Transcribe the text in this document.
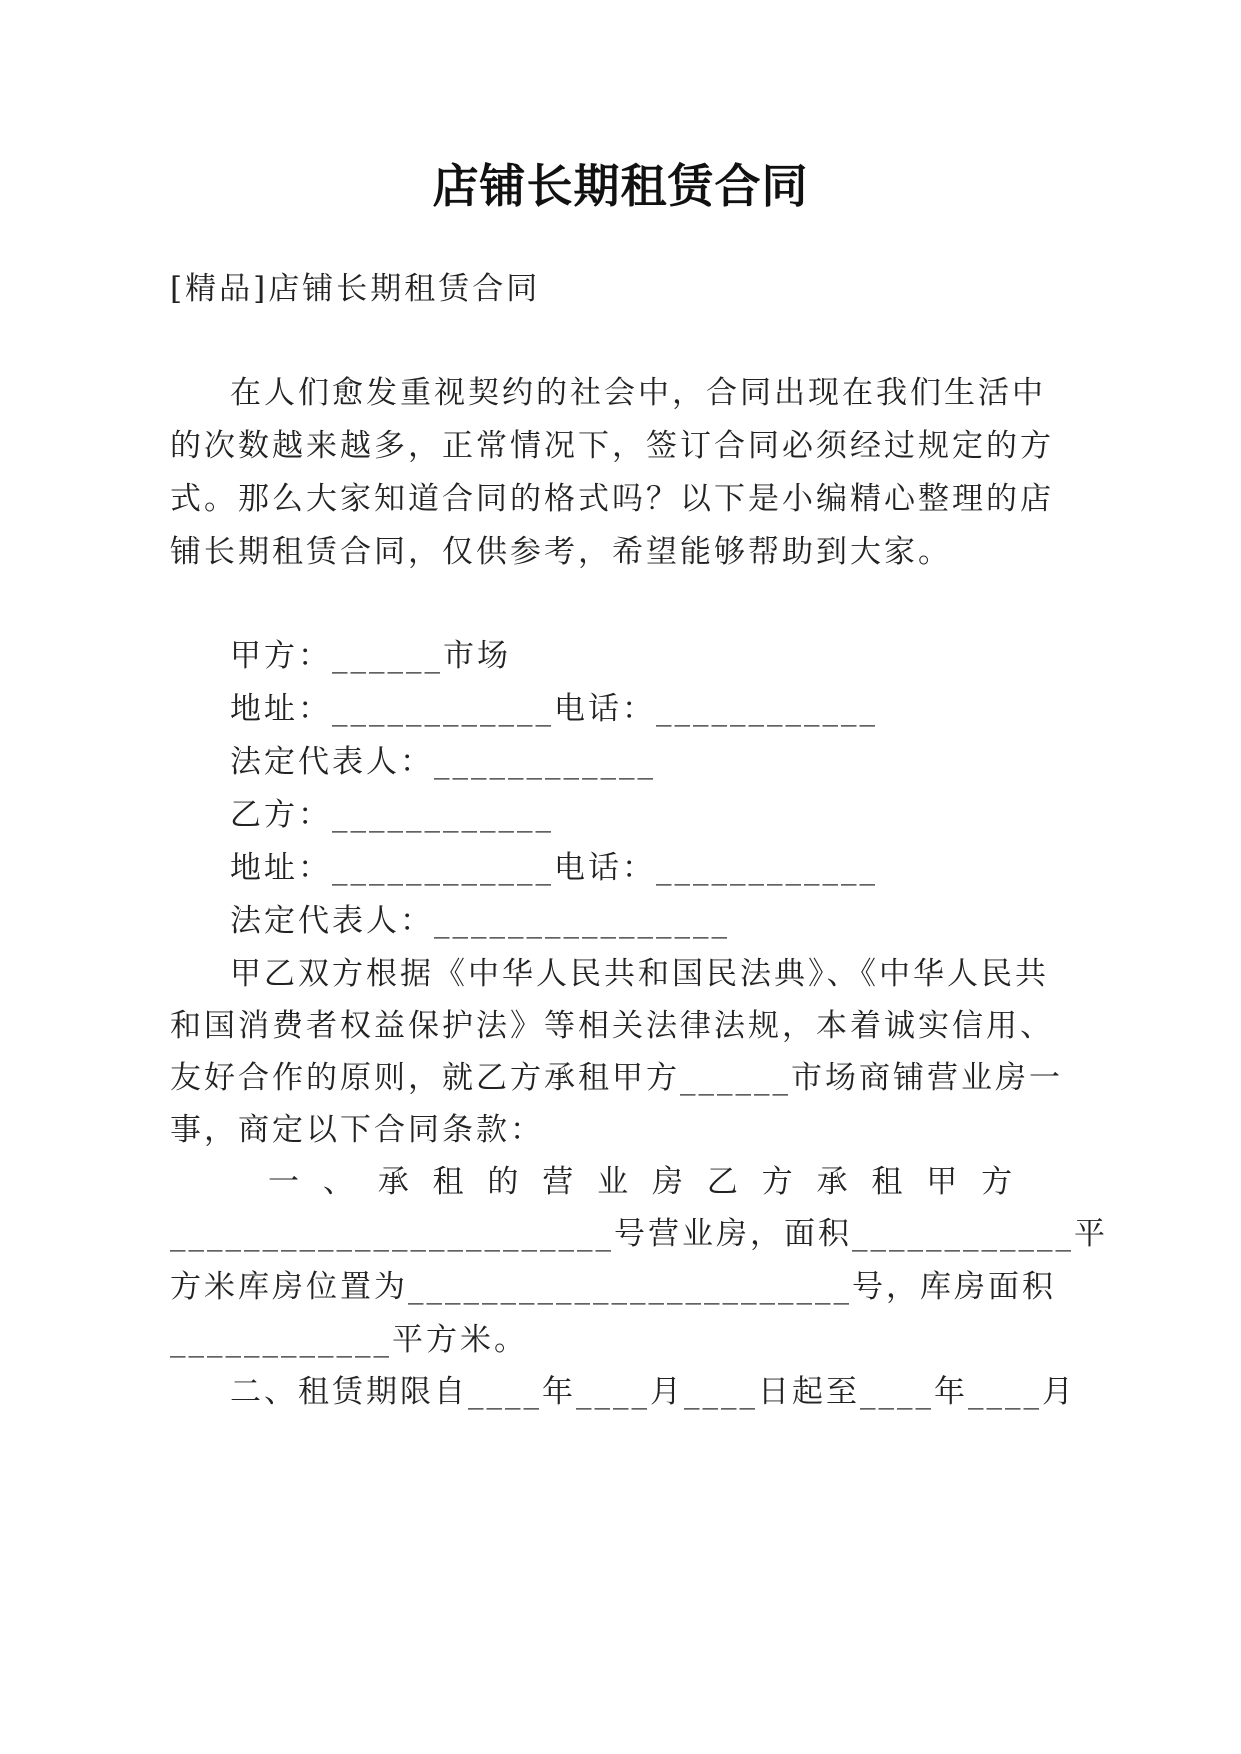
店铺长期租赁合同
[精品]店铺长期租赁合同
在人们愈发重视契约的社会中，合同出现在我们生活中
的次数越来越多，正常情况下，签订合同必须经过规定的方
式。那么大家知道合同的格式吗？以下是小编精心整理的店
铺长期租赁合同，仅供参考，希望能够帮助到大家。
甲方：______市场
地址：____________电话：____________
法定代表人：____________
乙方：____________
地址：____________电话：____________
法定代表人：________________
甲乙双方根据《中华人民共和国民法典》、《中华人民共
和国消费者权益保护法》等相关法律法规，本着诚实信用、
友好合作的原则，就乙方承租甲方______市场商铺营业房一
事，商定以下合同条款：
一 、 承 租 的 营 业 房 乙 方 承 租 甲 方
________________________号营业房，面积____________平
方米库房位置为________________________号，库房面积
____________平方米。
二、租赁期限自____年____月____日起至____年____月
